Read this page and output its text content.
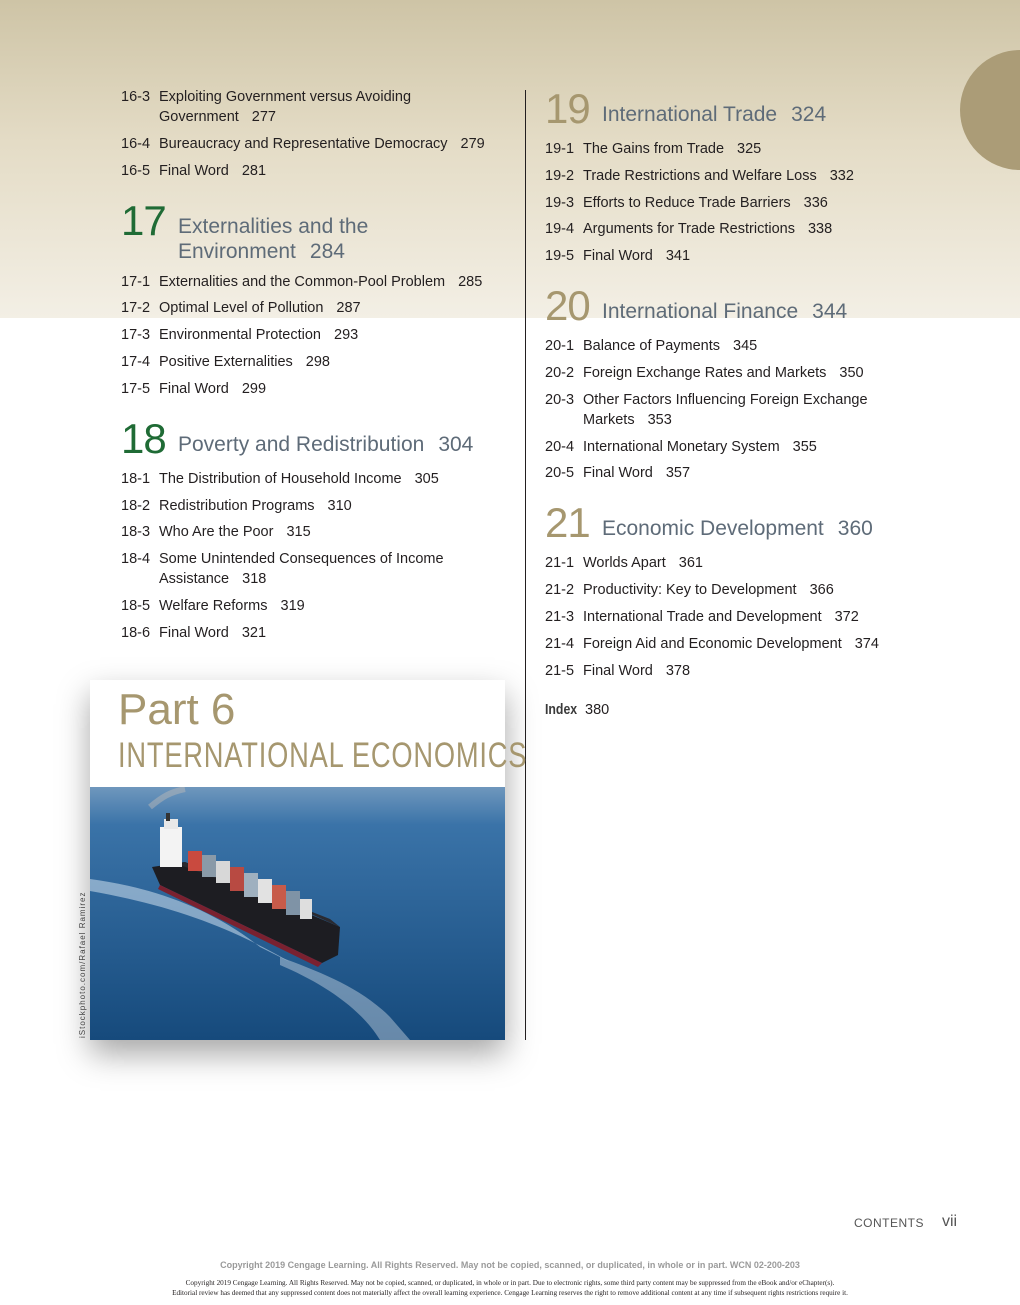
16-3 Exploiting Government versus Avoiding Government 277
16-4 Bureaucracy and Representative Democracy 279
16-5 Final Word 281
17 Externalities and the Environment 284
17-1 Externalities and the Common-Pool Problem 285
17-2 Optimal Level of Pollution 287
17-3 Environmental Protection 293
17-4 Positive Externalities 298
17-5 Final Word 299
18 Poverty and Redistribution 304
18-1 The Distribution of Household Income 305
18-2 Redistribution Programs 310
18-3 Who Are the Poor 315
18-4 Some Unintended Consequences of Income Assistance 318
18-5 Welfare Reforms 319
18-6 Final Word 321
19 International Trade 324
19-1 The Gains from Trade 325
19-2 Trade Restrictions and Welfare Loss 332
19-3 Efforts to Reduce Trade Barriers 336
19-4 Arguments for Trade Restrictions 338
19-5 Final Word 341
20 International Finance 344
20-1 Balance of Payments 345
20-2 Foreign Exchange Rates and Markets 350
20-3 Other Factors Influencing Foreign Exchange Markets 353
20-4 International Monetary System 355
20-5 Final Word 357
21 Economic Development 360
21-1 Worlds Apart 361
21-2 Productivity: Key to Development 366
21-3 International Trade and Development 372
21-4 Foreign Aid and Economic Development 374
21-5 Final Word 378
Index 380
Part 6
INTERNATIONAL ECONOMICS
iStockphoto.com/Rafael Ramirez
CONTENTS vii
Copyright 2019 Cengage Learning. All Rights Reserved. May not be copied, scanned, or duplicated, in whole or in part. WCN 02-200-203
Copyright 2019 Cengage Learning. All Rights Reserved. May not be copied, scanned, or duplicated, in whole or in part. Due to electronic rights, some third party content may be suppressed from the eBook and/or eChapter(s).
Editorial review has deemed that any suppressed content does not materially affect the overall learning experience. Cengage Learning reserves the right to remove additional content at any time if subsequent rights restrictions require it.
